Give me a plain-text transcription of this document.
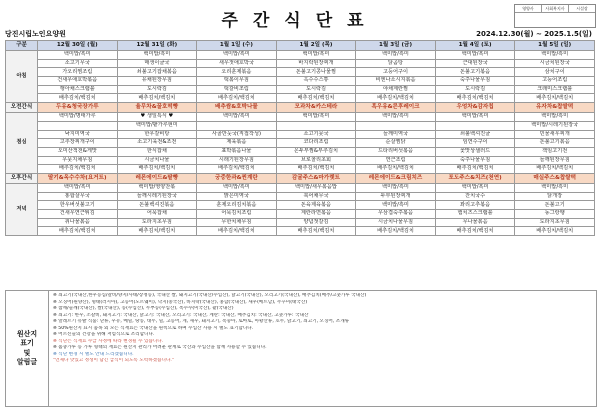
주간식단표
영양사	사회복지사	시설장
당진시립노인요양원	2024.12.30(월) ~ 2025.1.5(일)
구분	12월 30일 (월)	12월 31일 (화)	1월 1일 (수)	1월 2일 (목)	1월 3일 (금)	1월 4일 (토)	1월 5일 (일)
아침	백미밥/흑미	백미밥/흑미	백미밥/흑미	백미밥/흑미	백미밥/흑미	백미밥/흑미	백미밥/흑미
	소고기무국	매생이굴국	새우젓애호박국	바지락된장찌개	닭곰탕	근대된장국	시금치된장국
	가오리찜조림	쇠불고기잡채볶음	오리훈제볶음	돈불고기콩나물찜	고등어구이	돈불고기볶음	삼치구이
	건새우애호박볶음	유채된장무침	떡볶이무침	옥수수스튜	비엔나소시지볶음	숙주나물무침	고등어조림
	행아채스크램블	도시락김	떡갈비조림	도시락김	야채계란찜	도시락김	크래미스크램블
	배추김치/백김치	배추김치/백김치	배추김치/백김치	배추김치/백김치	배추김치/백김치	배추김치/백김치	배추김치/백김치
오전간식	두유&청국장가루	율무차&꿀호떡빵	배추쌈&호박나물	모과차&카스테라	흑우유&콘후레이크	우엉차&감자칩	유자차&찹쌀떡
점심	백미밥/명태가루	♥ 생일특식 ♥	백미밥/흑미	백미밥/흑미	백미밥/흑미	백미밥/흑미	백미밥/흑미
		백미밥/팥가루현미					백미밥/시레기된장국
	낙지미역국	한우갈비탕	사골만둣국(직접작성)	소고기뭇국	들깨미역국	쇠불백셔진굴	민물새우찌개
	고추장찌개구이	소고기육전&조전	제육볶음	코다리조림	순살찜닭	임연수구이	돈불고기볶음
	오미산적전&게맛	한식잡채	표박볶음나물	온두부찜&부추김치	드타리버섯볶음	꽃맛상샐러드	잭임고기전
	우뭇지채무침	시금치나물	시래기된장무침	브로콜리초회	연근조림	숙주나물무침	들깨된장무침
	배추김치/백김치	배추김치/백김치	배추김치/백김치	배추김치/백김치	배추김치/백김치	배추김치/백김치	배추김치/백김치
오후간식	딸기&옥수수차(요거트)	레몬에이드&팥빵	궁중한과&찐계란	감귤주스&마가렛트	레몬에이드&크림치즈	포도주스&치즈(천연)	매실주스&찹쌀떡
저녁	백미밥/흑미	백미밥/영양찬볶	백미밥/흑미	백미밥/새우볶음밥	백미밥/흑미	백미밥/흑미	백미밥/흑미
	홍합살무국	들깨시레기된장국	맑은미역국	북어채무국	두부된장찌개	잔치국수	닭개장
	한우버섯불고기	돈불백셔진볶음	훈제오리김치볶음	돈육제육볶음	백미밥/흑미	꽈리고추볶음	돈불고기
	건새우연근튀김	어묵잡채	어묵김치조림	계란라면볶음	우삼겹숙주볶음	햄치즈스크램블	동그랑땡
	취나물볶음	도라지초무침	무한치채무침	양념젓갈김	시금치나물무침	무나물볶음	도라지초무침
	배추김치/백김치	배추김치/백김치	배추김치/백김치	배추김치/백김치	배추김치/백김치	배추김치/백김치	배추김치/백김치
원산지
표기
및
알림글

※ 쇠고기(국내산,한우등심/갈비/양지/사태/장정등), 국내산 쌀, 돼지고기(국내산/수입산), 닭고기(국내산), 오리고기(국내산), 배추김치(배추/고춧가루 국내산)

※ 오징어(원양산), 명태(러시아), 고등어(노르웨이), 낙지(중국산), 바지락(국내산), 홍합(국내산), 새우(베트남), 주꾸미(태국산)

※ 참깨/들깨(국내산), 쌀(국내산), 콩(수입산), 두부콩(수입산), 옥수수(미국산), 팥(국내산)

※ 쇠고기: 한우, 소갈비, 돼지고기: 국내산, 닭고기: 국내산, 오리고기: 국내산, 계란: 국내산, 배추김치: 국내산, 고춧가루: 국내산

※ 알레르기 유발 식품: 난류, 우유, 메밀, 땅콩, 대두, 밀, 고등어, 게, 새우, 돼지고기, 복숭아, 토마토, 아황산류, 호두, 닭고기, 쇠고기, 오징어, 조개류

※ 50%원산지 표시 품목 외 모든 식재료는 국내산을 원칙으로 하며 수입산 사용 시 별도 표기합니다.

※ 어르신들의 건강을 위해 저염식으로 조리합니다.

※ 식단은 식재료 수급 사정에 따라 변경될 수 있습니다.

※ 흡충가루 등 가루 형태의 재료는 원산지 관리가 어려운 관계로 국산과 수입산을 함께 사용할 수 있습니다.

※ 식단 변경 시 별도 안내 드리겠습니다.

"언제나 맛있고 정성이 담긴 급식이 되도록 노력하겠습니다."
